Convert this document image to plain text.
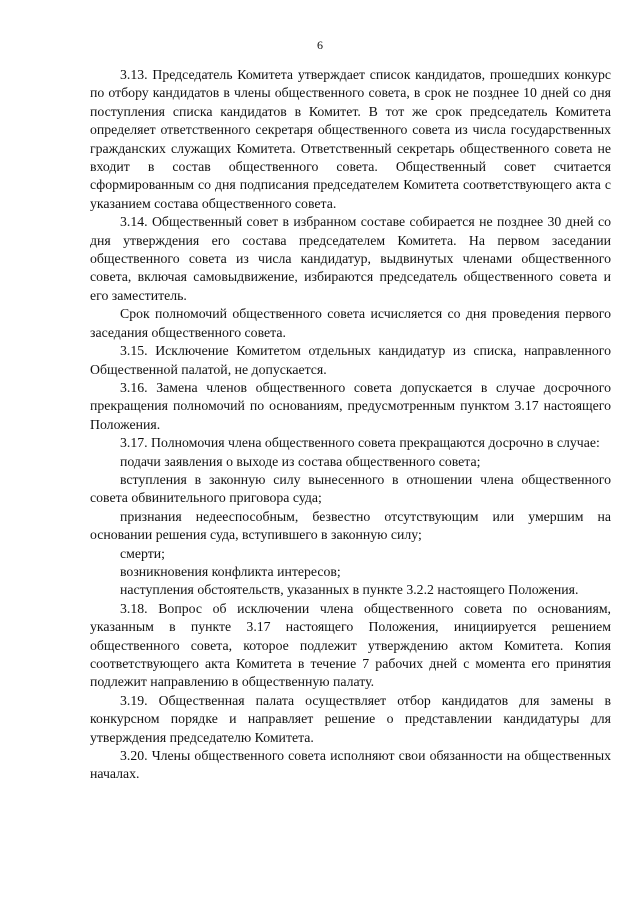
6

3.13. Председатель Комитета утверждает список кандидатов, прошедших конкурс по отбору кандидатов в члены общественного совета, в срок не позднее 10 дней со дня поступления списка кандидатов в Комитет. В тот же срок председатель Комитета определяет ответственного секретаря общественного совета из числа государственных гражданских служащих Комитета. Ответственный секретарь общественного совета не входит в состав общественного совета. Общественный совет считается сформированным со дня подписания председателем Комитета соответствующего акта с указанием состава общественного совета.

3.14. Общественный совет в избранном составе собирается не позднее 30 дней со дня утверждения его состава председателем Комитета. На первом заседании общественного совета из числа кандидатур, выдвинутых членами общественного совета, включая самовыдвижение, избираются председатель общественного совета и его заместитель.

Срок полномочий общественного совета исчисляется со дня проведения первого заседания общественного совета.

3.15. Исключение Комитетом отдельных кандидатур из списка, направленного Общественной палатой, не допускается.

3.16. Замена членов общественного совета допускается в случае досрочного прекращения полномочий по основаниям, предусмотренным пунктом 3.17 настоящего Положения.

3.17. Полномочия члена общественного совета прекращаются досрочно в случае:

подачи заявления о выходе из состава общественного совета;

вступления в законную силу вынесенного в отношении члена общественного совета обвинительного приговора суда;

признания недееспособным, безвестно отсутствующим или умершим на основании решения суда, вступившего в законную силу;

смерти;

возникновения конфликта интересов;

наступления обстоятельств, указанных в пункте 3.2.2 настоящего Положения.

3.18. Вопрос об исключении члена общественного совета по основаниям, указанным в пункте 3.17 настоящего Положения, инициируется решением общественного совета, которое подлежит утверждению актом Комитета. Копия соответствующего акта Комитета в течение 7 рабочих дней с момента его принятия подлежит направлению в общественную палату.

3.19. Общественная палата осуществляет отбор кандидатов для замены в конкурсном порядке и направляет решение о представлении кандидатуры для утверждения председателю Комитета.

3.20. Члены общественного совета исполняют свои обязанности на общественных началах.
